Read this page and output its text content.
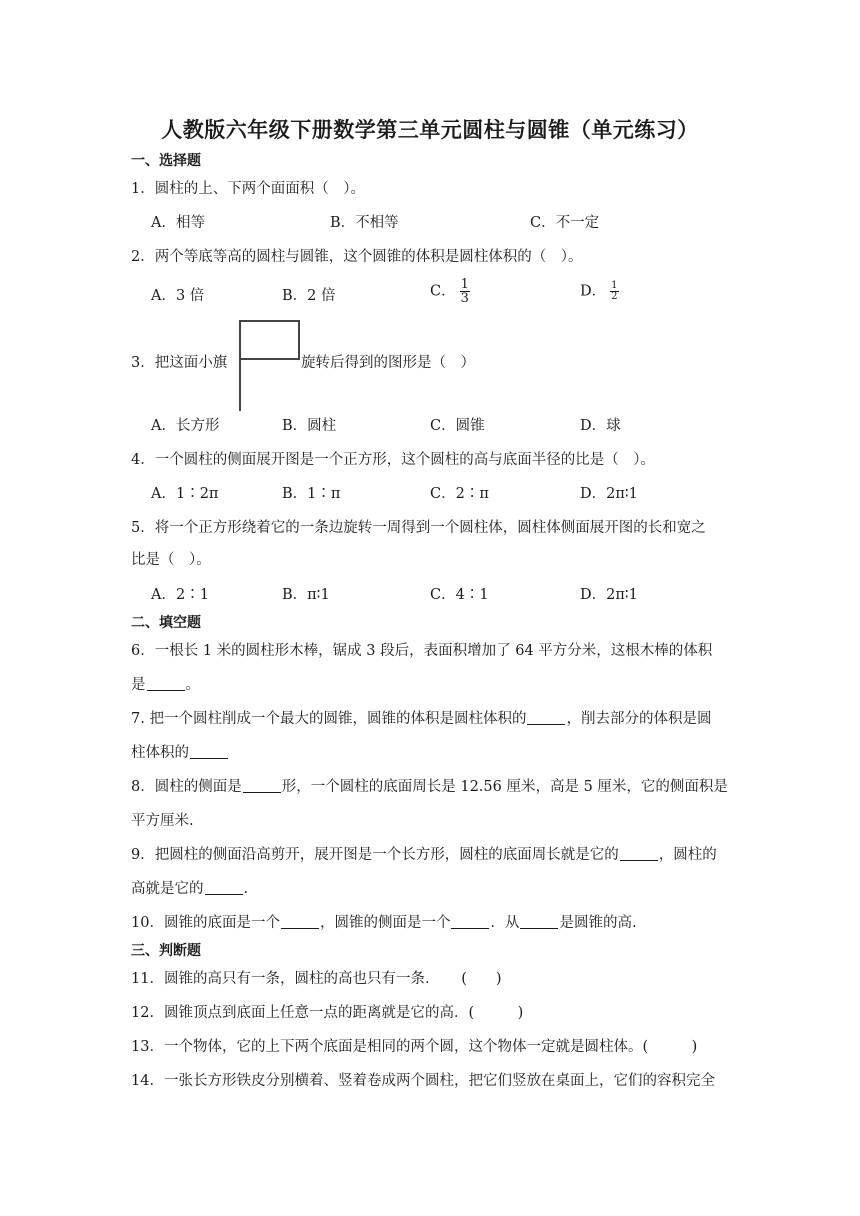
人教版六年级下册数学第三单元圆柱与圆锥（单元练习）
一、选择题
1．圆柱的上、下两个面面积（　）。
A．相等	B．不相等	C．不一定
2．两个等底等高的圆柱与圆锥，这个圆锥的体积是圆柱体积的（　）。
A．3 倍	B．2 倍	C． $\frac{1}{3}$	D． $\frac{1}{2}$
3．把这面小旗	旋转后得到的图形是（　）
A．长方形	B．圆柱	C．圆锥	D．球
4．一个圆柱的侧面展开图是一个正方形，这个圆柱的高与底面半径的比是（　）。
A．1∶2π	B．1∶π	C．2∶π	D．2π∶1
5．将一个正方形绕着它的一条边旋转一周得到一个圆柱体，圆柱体侧面展开图的长和宽之
比是（　）。
A．2∶1	B．π∶1	C．4∶1	D．2π∶1
二、填空题
6．一根长 1 米的圆柱形木棒，锯成 3 段后，表面积增加了 64 平方分米，这根木棒的体积
是	。
7. 把一个圆柱削成一个最大的圆锥，圆锥的体积是圆柱体积的	，削去部分的体积是圆
柱体积的
8．圆柱的侧面是	形，一个圆柱的底面周长是 12.56 厘米，高是 5 厘米，它的侧面积是
平方厘米.
9．把圆柱的侧面沿高剪开，展开图是一个长方形，圆柱的底面周长就是它的	，圆柱的
高就是它的	.
10．圆锥的底面是一个	，圆锥的侧面是一个	．从	是圆锥的高.
三、判断题
11．圆锥的高只有一条，圆柱的高也只有一条．　　(　　)
12．圆锥顶点到底面上任意一点的距离就是它的高．(　　　)
13．一个物体，它的上下两个底面是相同的两个圆，这个物体一定就是圆柱体。(　　　)
14．一张长方形铁皮分别横着、竖着卷成两个圆柱，把它们竖放在桌面上，它们的容积完全
